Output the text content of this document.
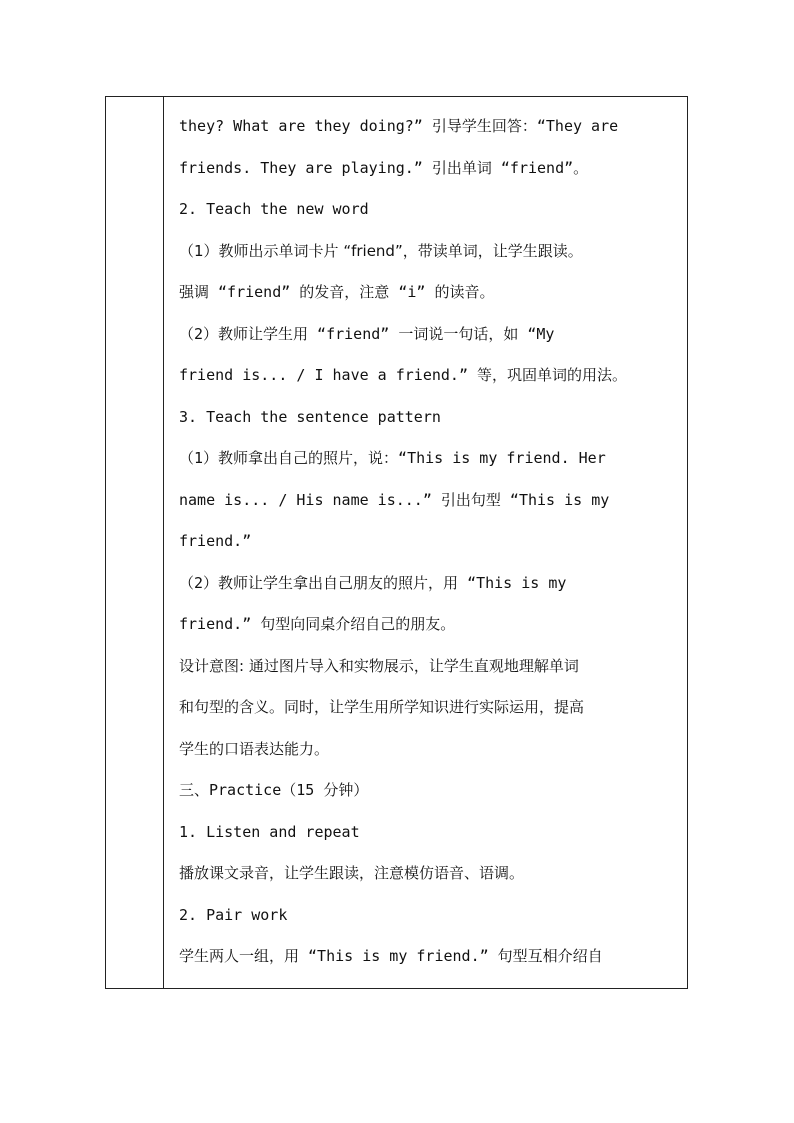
they? What are they doing?” 引导学生回答：“They are
friends. They are playing.” 引出单词 “friend”。
2. Teach the new word
（1）教师出示单词卡片 “friend”，带读单词，让学生跟读。
强调 “friend” 的发音，注意 “i” 的读音。
（2）教师让学生用 “friend” 一词说一句话，如 “My
friend is... / I have a friend.” 等，巩固单词的用法。
3. Teach the sentence pattern
（1）教师拿出自己的照片，说：“This is my friend. Her
name is... / His name is...” 引出句型 “This is my
friend.”
（2）教师让学生拿出自己朋友的照片，用 “This is my
friend.” 句型向同桌介绍自己的朋友。
设计意图: 通过图片导入和实物展示，让学生直观地理解单词
和句型的含义。同时，让学生用所学知识进行实际运用，提高
学生的口语表达能力。
三、Practice（15 分钟）
1. Listen and repeat
播放课文录音，让学生跟读，注意模仿语音、语调。
2. Pair work
学生两人一组，用 “This is my friend.” 句型互相介绍自
